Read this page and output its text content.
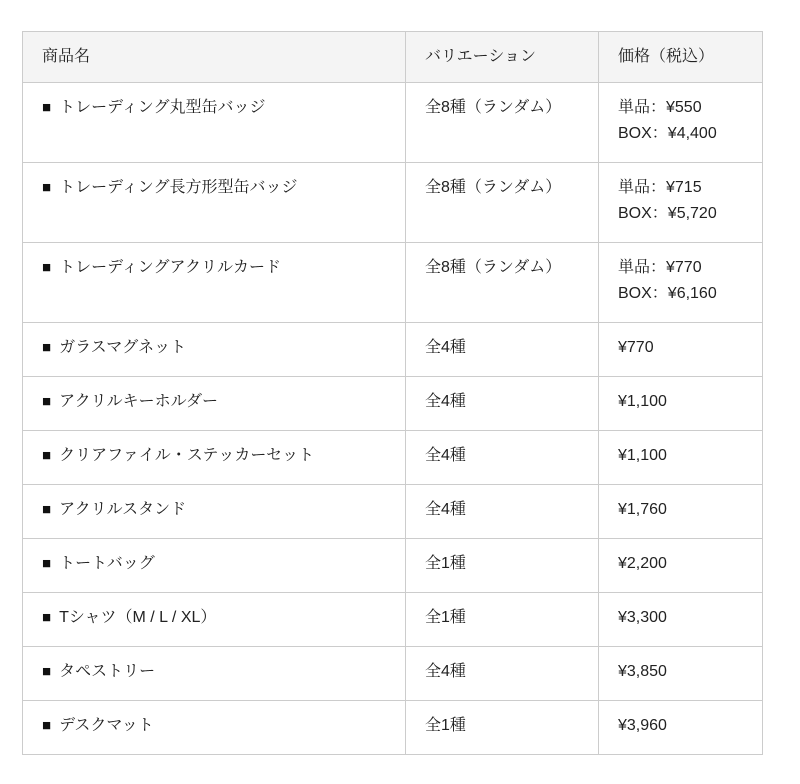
商品名	バリエーション	価格（税込）
■ トレーディング丸型缶バッジ	全8種（ランダム）	単品：¥550
BOX：¥4,400

■ トレーディング長方形型缶バッジ	全8種（ランダム）	単品：¥715
BOX：¥5,720

■ トレーディングアクリルカード	全8種（ランダム）	単品：¥770
BOX：¥6,160

■ ガラスマグネット	全4種	¥770

■ アクリルキーホルダー	全4種	¥1,100

■ クリアファイル・ステッカーセット	全4種	¥1,100

■ アクリルスタンド	全4種	¥1,760

■ トートバッグ	全1種	¥2,200

■ Tシャツ（M / L / XL）	全1種	¥3,300

■ タペストリー	全4種	¥3,850

■ デスクマット	全1種	¥3,960
